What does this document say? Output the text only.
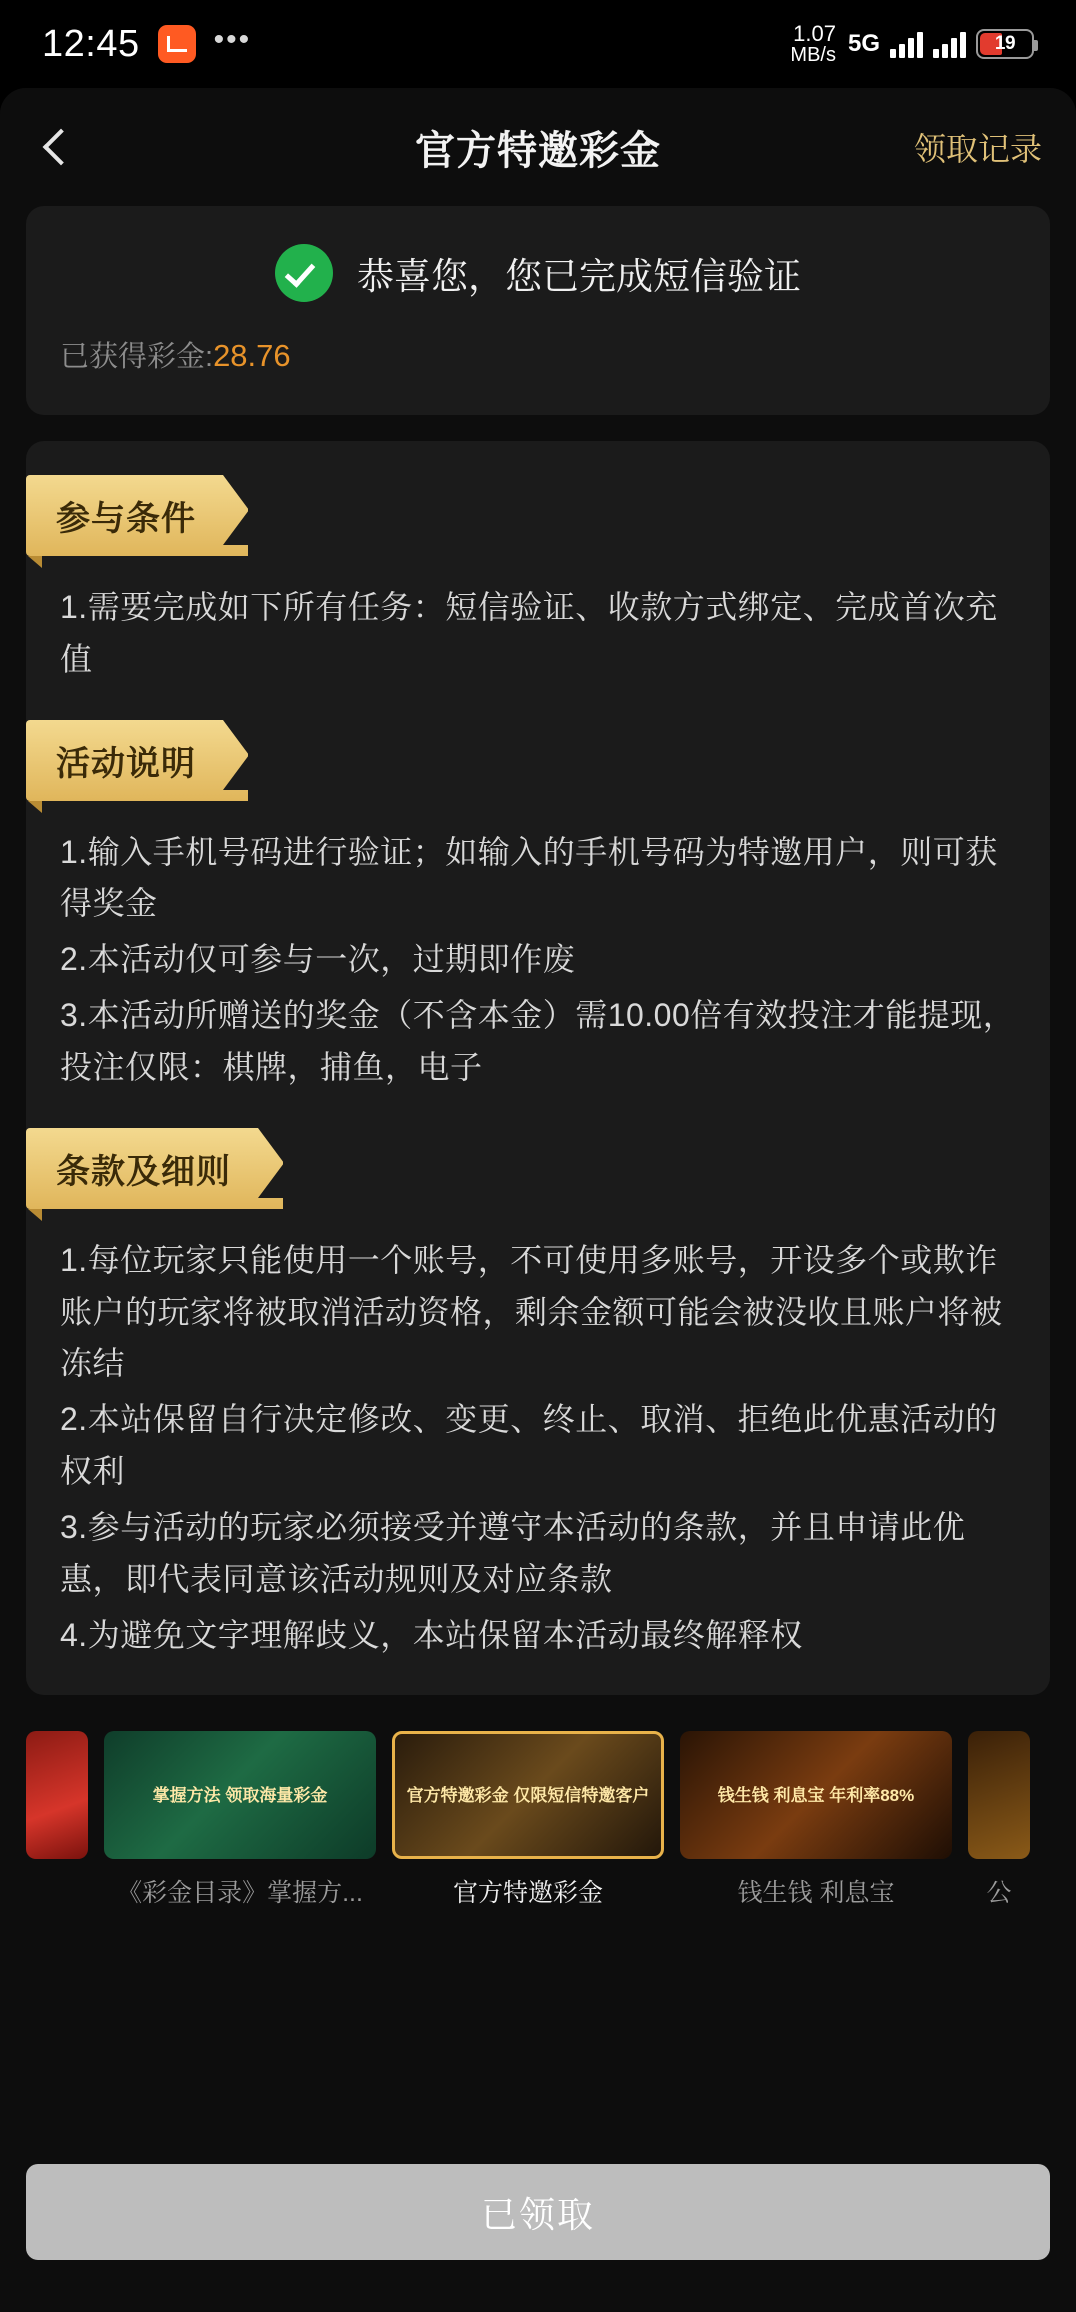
12:45 •••	1.07
MB/s 5G	19
官方特邀彩金	领取记录
恭喜您，您已完成短信验证
已获得彩金:28.76
参与条件
1.需要完成如下所有任务：短信验证、收款方式绑定、完成首次充值
活动说明
1.输入手机号码进行验证；如输入的手机号码为特邀用户，则可获得奖金
2.本活动仅可参与一次，过期即作废
3.本活动所赠送的奖金（不含本金）需10.00倍有效投注才能提现，投注仅限：棋牌，捕鱼，电子
条款及细则
1.每位玩家只能使用一个账号，不可使用多账号，开设多个或欺诈账户的玩家将被取消活动资格，剩余金额可能会被没收且账户将被冻结
2.本站保留自行决定修改、变更、终止、取消、拒绝此优惠活动的权利
3.参与活动的玩家必须接受并遵守本活动的条款，并且申请此优惠，即代表同意该活动规则及对应条款
4.为避免文字理解歧义，本站保留本活动最终解释权
掌握方法 领取海量彩金
《彩金目录》掌握方...
官方特邀彩金 仅限短信特邀客户
官方特邀彩金
钱生钱 利息宝 年利率88%
钱生钱 利息宝	公
已领取
